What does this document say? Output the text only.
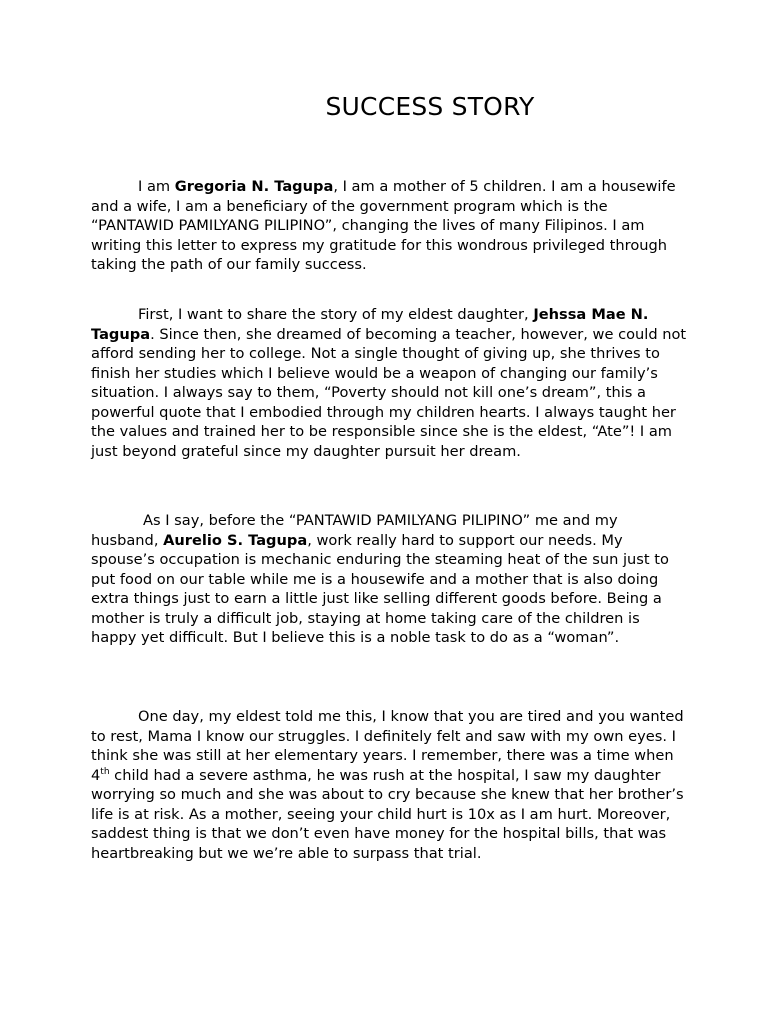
SUCCESS STORY

I am Gregoria N. Tagupa, I am a mother of 5 children. I am a housewife and a wife, I am a beneficiary of the government program which is the “PANTAWID PAMILYANG PILIPINO”, changing the lives of many Filipinos. I am writing this letter to express my gratitude for this wondrous privileged through taking the path of our family success.

First, I want to share the story of my eldest daughter, Jehssa Mae N. Tagupa. Since then, she dreamed of becoming a teacher, however, we could not afford sending her to college. Not a single thought of giving up, she thrives to finish her studies which I believe would be a weapon of changing our family’s situation. I always say to them, “Poverty should not kill one’s dream”, this a powerful quote that I embodied through my children hearts. I always taught her the values and trained her to be responsible since she is the eldest, “Ate”! I am just beyond grateful since my daughter pursuit her dream.

As I say, before the “PANTAWID PAMILYANG PILIPINO” me and my husband, Aurelio S. Tagupa, work really hard to support our needs. My spouse’s occupation is mechanic enduring the steaming heat of the sun just to put food on our table while me is a housewife and a mother that is also doing extra things just to earn a little just like selling different goods before. Being a mother is truly a difficult job, staying at home taking care of the children is happy yet difficult. But I believe this is a noble task to do as a “woman”.

One day, my eldest told me this, I know that you are tired and you wanted to rest, Mama I know our struggles. I definitely felt and saw with my own eyes. I think she was still at her elementary years. I remember, there was a time when 4th child had a severe asthma, he was rush at the hospital, I saw my daughter worrying so much and she was about to cry because she knew that her brother’s life is at risk. As a mother, seeing your child hurt is 10x as I am hurt. Moreover, saddest thing is that we don’t even have money for the hospital bills, that was heartbreaking but we we’re able to surpass that trial.
